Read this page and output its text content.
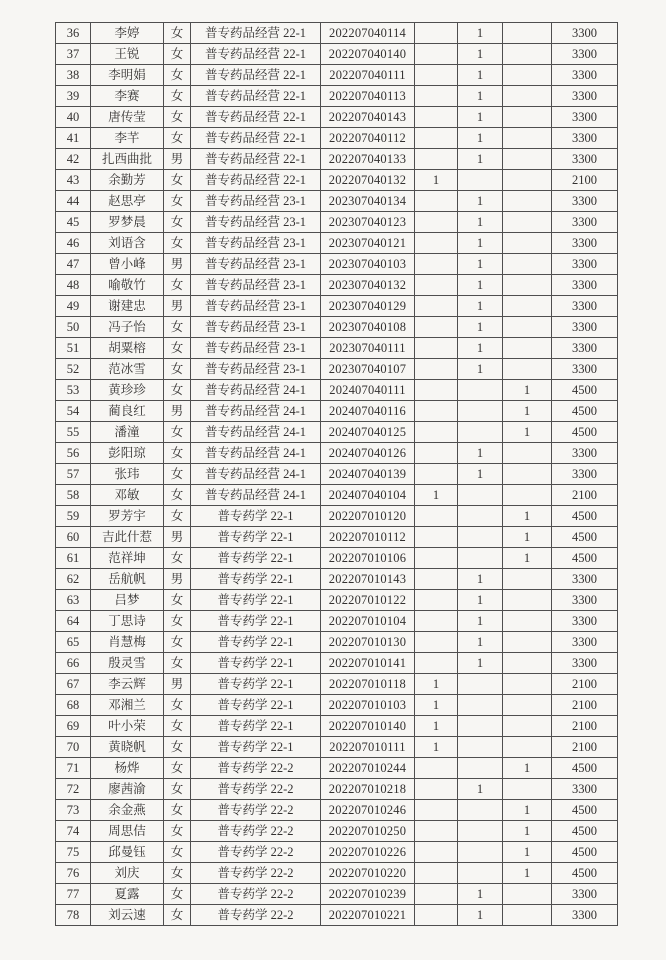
36	李婷	女	普专药品经营 22-1	202207040114		1		3300
37	王锐	女	普专药品经营 22-1	202207040140		1		3300
38	李明娟	女	普专药品经营 22-1	202207040111		1		3300
39	李赛	女	普专药品经营 22-1	202207040113		1		3300
40	唐传莹	女	普专药品经营 22-1	202207040143		1		3300
41	李芊	女	普专药品经营 22-1	202207040112		1		3300
42	扎西曲批	男	普专药品经营 22-1	202207040133		1		3300
43	余勤芳	女	普专药品经营 22-1	202207040132	1			2100
44	赵思亭	女	普专药品经营 23-1	202307040134		1		3300
45	罗梦晨	女	普专药品经营 23-1	202307040123		1		3300
46	刘语含	女	普专药品经营 23-1	202307040121		1		3300
47	曾小峰	男	普专药品经营 23-1	202307040103		1		3300
48	喻敬竹	女	普专药品经营 23-1	202307040132		1		3300
49	谢建忠	男	普专药品经营 23-1	202307040129		1		3300
50	冯子怡	女	普专药品经营 23-1	202307040108		1		3300
51	胡粟榕	女	普专药品经营 23-1	202307040111		1		3300
52	范冰雪	女	普专药品经营 23-1	202307040107		1		3300
53	黄珍珍	女	普专药品经营 24-1	202407040111			1	4500
54	蔺良红	男	普专药品经营 24-1	202407040116			1	4500
55	潘潼	女	普专药品经营 24-1	202407040125			1	4500
56	彭阳琼	女	普专药品经营 24-1	202407040126		1		3300
57	张玮	女	普专药品经营 24-1	202407040139		1		3300
58	邓敏	女	普专药品经营 24-1	202407040104	1			2100
59	罗芳宇	女	普专药学 22-1	202207010120			1	4500
60	吉此什惹	男	普专药学 22-1	202207010112			1	4500
61	范祥坤	女	普专药学 22-1	202207010106			1	4500
62	岳航帆	男	普专药学 22-1	202207010143		1		3300
63	吕梦	女	普专药学 22-1	202207010122		1		3300
64	丁思诗	女	普专药学 22-1	202207010104		1		3300
65	肖慧梅	女	普专药学 22-1	202207010130		1		3300
66	殷灵雪	女	普专药学 22-1	202207010141		1		3300
67	李云辉	男	普专药学 22-1	202207010118	1			2100
68	邓湘兰	女	普专药学 22-1	202207010103	1			2100
69	叶小荣	女	普专药学 22-1	202207010140	1			2100
70	黄晓帆	女	普专药学 22-1	202207010111	1			2100
71	杨烨	女	普专药学 22-2	202207010244			1	4500
72	廖茜渝	女	普专药学 22-2	202207010218		1		3300
73	余金燕	女	普专药学 22-2	202207010246			1	4500
74	周思佶	女	普专药学 22-2	202207010250			1	4500
75	邱曼钰	女	普专药学 22-2	202207010226			1	4500
76	刘庆	女	普专药学 22-2	202207010220			1	4500
77	夏露	女	普专药学 22-2	202207010239		1		3300
78	刘云速	女	普专药学 22-2	202207010221		1		3300
